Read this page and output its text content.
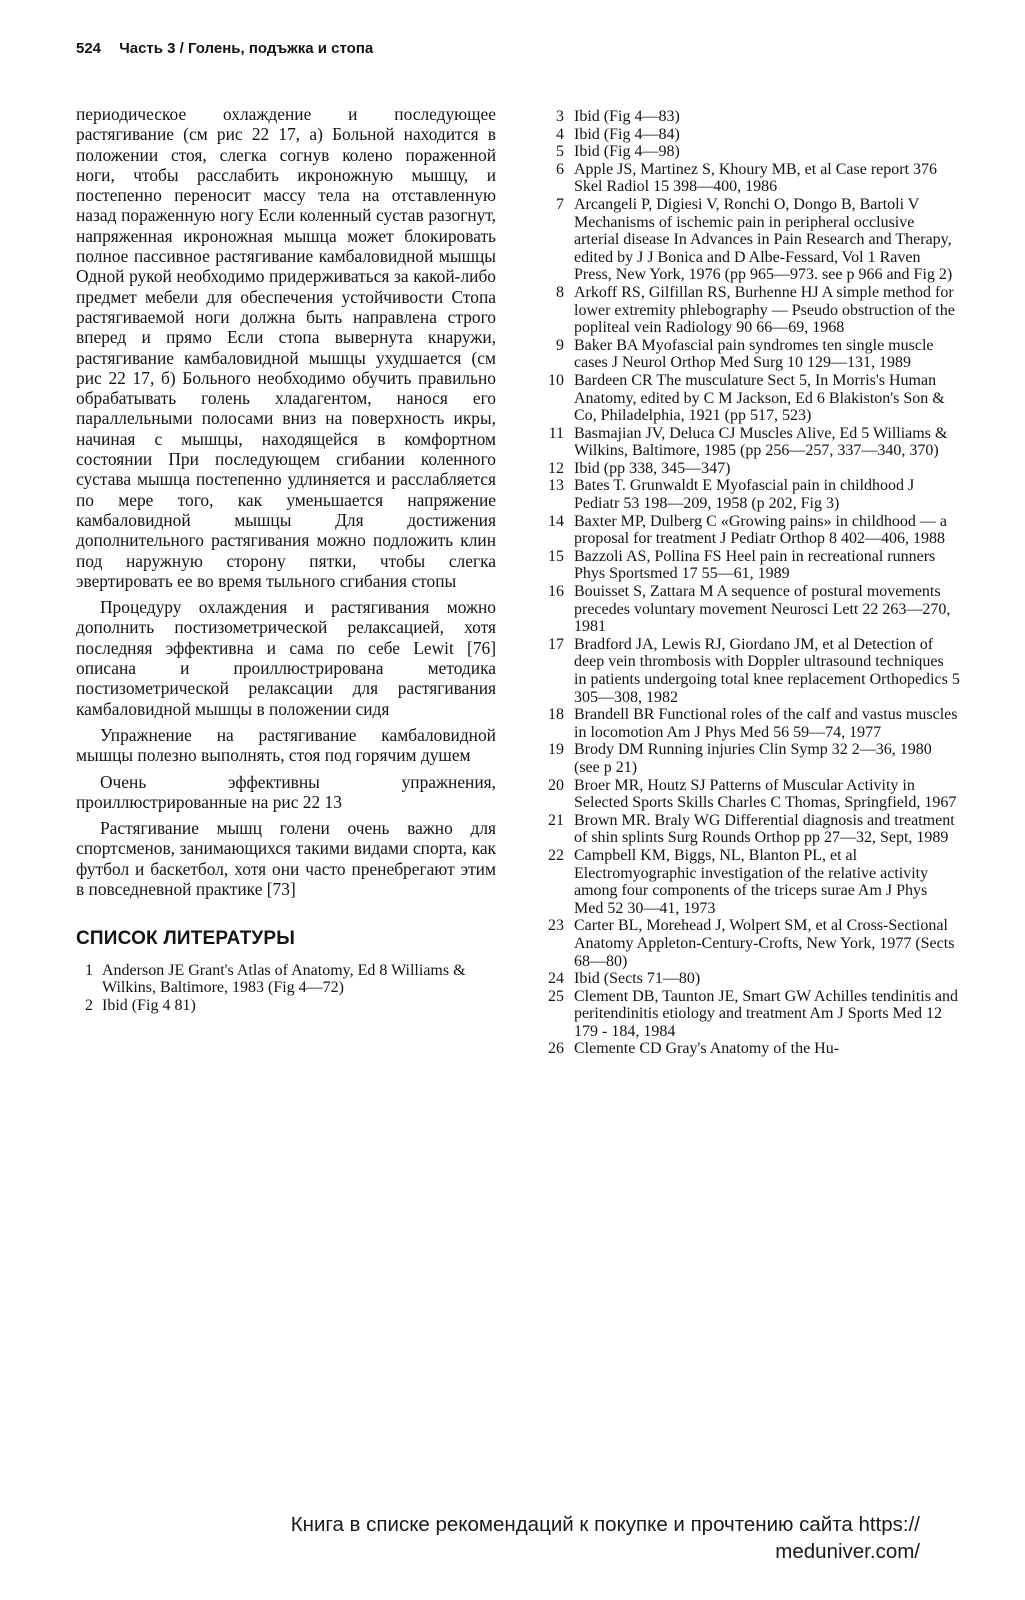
524 Часть 3 / Голень, подъжка и стопа

периодическое охлаждение и последующее растягивание (см рис 22 17, а) Больной находится в положении стоя, слегка согнув колено пораженной ноги, чтобы расслабить икроножную мышцу, и постепенно переносит массу тела на отставленную назад пораженную ногу Если коленный сустав разогнут, напряженная икроножная мышца может блокировать полное пассивное растягивание камбаловидной мышцы Одной рукой необходимо придерживаться за какой-либо предмет мебели для обеспечения устойчивости Стопа растягиваемой ноги должна быть направлена строго вперед и прямо Если стопа вывернута кнаружи, растягивание камбаловидной мышцы ухудшается (см рис 22 17, б) Больного необходимо обучить правильно обрабатывать голень хладагентом, нанося его параллельными полосами вниз на поверхность икры, начиная с мышцы, находящейся в комфортном состоянии При последующем сгибании коленного сустава мышца постепенно удлиняется и расслабляется по мере того, как уменьшается напряжение камбаловидной мышцы Для достижения дополнительного растягивания можно подложить клин под наружную сторону пятки, чтобы слегка эвертировать ее во время тыльного сгибания стопы

Процедуру охлаждения и растягивания можно дополнить постизометрической релаксацией, хотя последняя эффективна и сама по себе Lewit [76] описана и проиллюстрирована методика постизометрической релаксации для растягивания камбаловидной мышцы в положении сидя

Упражнение на растягивание камбаловидной мышцы полезно выполнять, стоя под горячим душем

Очень эффективны упражнения, проиллюстрированные на рис 22 13

Растягивание мышц голени очень важно для спортсменов, занимающихся такими видами спорта, как футбол и баскетбол, хотя они часто пренебрегают этим в повседневной практике [73]

СПИСОК ЛИТЕРАТУРЫ
1 Anderson JE Grant's Atlas of Anatomy, Ed 8 Williams & Wilkins, Baltimore, 1983 (Fig 4—72)
2 Ibid (Fig 4 81)
3 Ibid (Fig 4—83)
4 Ibid (Fig 4—84)
5 Ibid (Fig 4—98)
6 Apple JS, Martinez S, Khoury MB, et al Case report 376 Skel Radiol 15 398—400, 1986
7 Arcangeli P, Digiesi V, Ronchi O, Dongo B, Bartoli V Mechanisms of ischemic pain in peripheral occlusive arterial disease In Advances in Pain Research and Therapy, edited by J J Bonica and D Albe-Fessard, Vol 1 Raven Press, New York, 1976 (pp 965—973. see p 966 and Fig 2)
8 Arkoff RS, Gilfillan RS, Burhenne HJ A simple method for lower extremity phlebography — Pseudo obstruction of the popliteal vein Radiology 90 66—69, 1968
9 Baker BA Myofascial pain syndromes ten single muscle cases J Neurol Orthop Med Surg 10 129—131, 1989
10 Bardeen CR The musculature Sect 5, In Morris's Human Anatomy, edited by C M Jackson, Ed 6 Blakiston's Son & Co, Philadelphia, 1921 (pp 517, 523)
11 Basmajian JV, Deluca CJ Muscles Alive, Ed 5 Williams & Wilkins, Baltimore, 1985 (pp 256—257, 337—340, 370)
12 Ibid (pp 338, 345—347)
13 Bates T. Grunwaldt E Myofascial pain in childhood J Pediatr 53 198—209, 1958 (p 202, Fig 3)
14 Baxter MP, Dulberg C «Growing pains» in childhood — a proposal for treatment J Pediatr Orthop 8 402—406, 1988
15 Bazzoli AS, Pollina FS Heel pain in recreational runners Phys Sportsmed 17 55—61, 1989
16 Bouisset S, Zattara M A sequence of postural movements precedes voluntary movement Neurosci Lett 22 263—270, 1981
17 Bradford JA, Lewis RJ, Giordano JM, et al Detection of deep vein thrombosis with Doppler ultrasound techniques in patients undergoing total knee replacement Orthopedics 5 305—308, 1982
18 Brandell BR Functional roles of the calf and vastus muscles in locomotion Am J Phys Med 56 59—74, 1977
19 Brody DM Running injuries Clin Symp 32 2—36, 1980 (see p 21)
20 Broer MR, Houtz SJ Patterns of Muscular Activity in Selected Sports Skills Charles C Thomas, Springfield, 1967
21 Brown MR. Braly WG Differential diagnosis and treatment of shin splints Surg Rounds Orthop pp 27—32, Sept, 1989
22 Campbell KM, Biggs, NL, Blanton PL, et al Electromyographic investigation of the relative activity among four components of the triceps surae Am J Phys Med 52 30—41, 1973
23 Carter BL, Morehead J, Wolpert SM, et al Cross-Sectional Anatomy Appleton-Century-Crofts, New York, 1977 (Sects 68—80)
24 Ibid (Sects 71—80)
25 Clement DB, Taunton JE, Smart GW Achilles tendinitis and peritendinitis etiology and treatment Am J Sports Med 12 179 - 184, 1984
26 Clemente CD Gray's Anatomy of the Hu-
Книга в списке рекомендаций к покупке и прочтению сайта https://
meduniver.com/
